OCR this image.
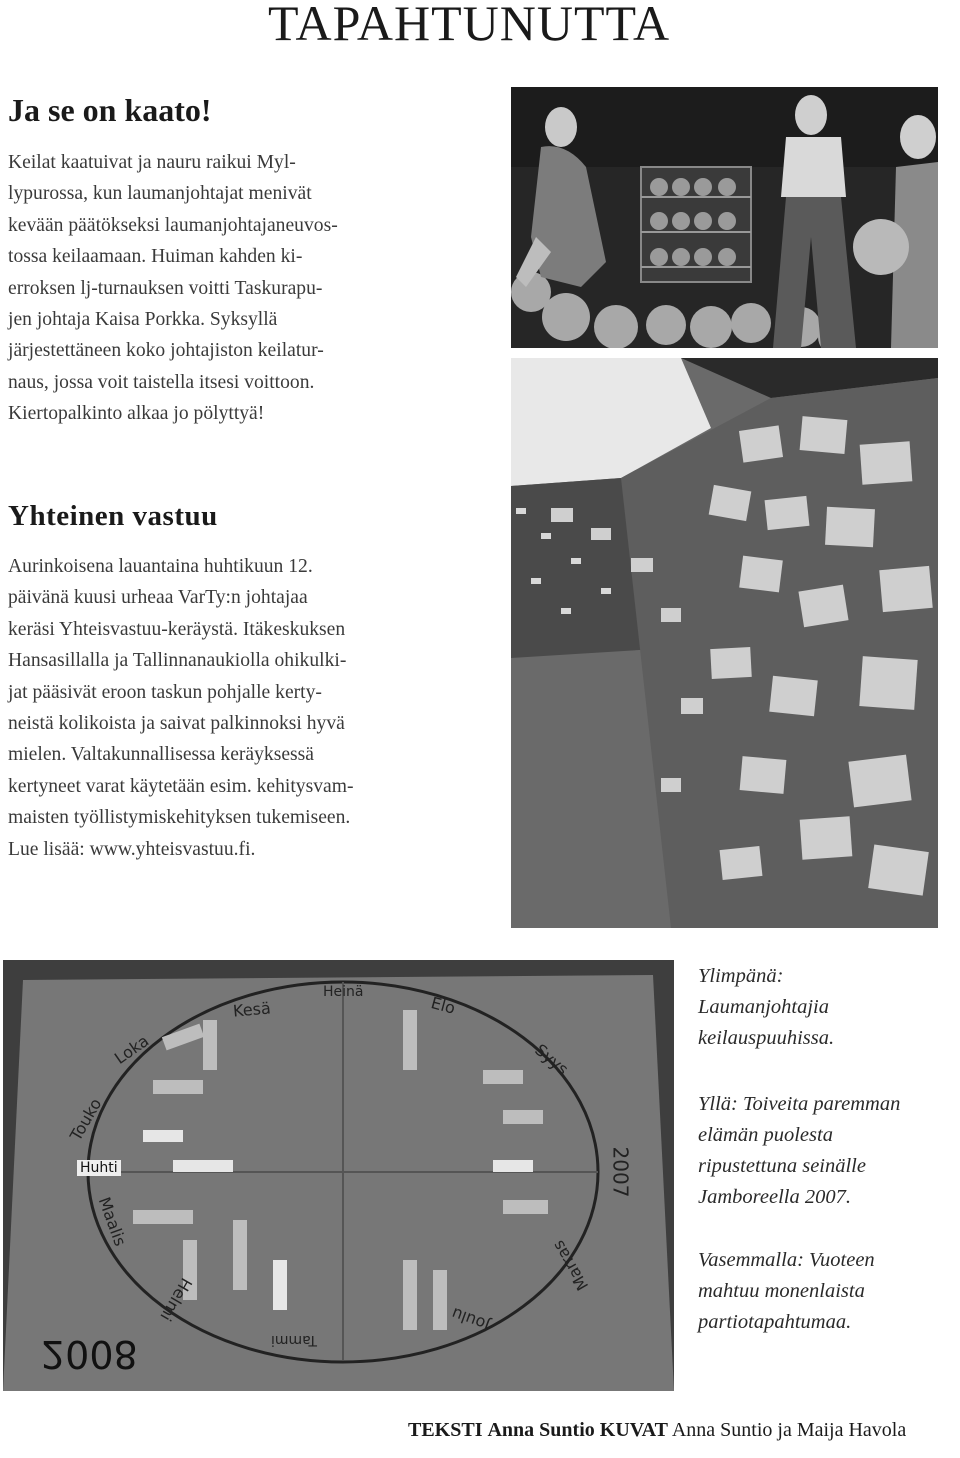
TAPAHTUNUTTA
Ja se on kaato!

Keilat kaatuivat ja nauru raikui Myl-
lypurossa, kun laumanjohtajat menivät
kevään päätökseksi laumanjohtajaneuvos-
tossa keilaamaan. Huiman kahden ki-
erroksen lj-turnauksen voitti Taskurapu-
jen johtaja Kaisa Porkka. Syksyllä
järjestettäneen koko johtajiston keilatur-
naus, jossa voit taistella itsesi voittoon.
Kiertopalkinto alkaa jo pölyttyä!

Yhteinen vastuu

Aurinkoisena lauantaina huhtikuun 12.
päivänä kuusi urheaa VarTy:n johtajaa
keräsi Yhteisvastuu-keräystä. Itäkeskuksen
Hansasillalla ja Tallinnanaukiolla ohikulki-
jat pääsivät eroon taskun pohjalle kerty-
neistä kolikoista ja saivat palkinnoksi hyvä
mielen. Valtakunnallisessa keräyksessä
kertyneet varat käytetään esim. kehitysvam-
maisten työllistymiskehityksen tukemiseen.
Lue lisää: www.yhteisvastuu.fi.

2008
2007
Kesä
Heinä
Elo
Syys
Loka
Touko
Huhti
Maalis
Helmi
Tammi
Joulu
Marras

Ylimpänä:
Laumanjohtajia
keilauspuuhissa.

Yllä: Toiveita paremman
elämän puolesta
ripustettuna seinälle
Jamboreella 2007.

Vasemmalla: Vuoteen
mahtuu monenlaista
partiotapahtumaa.

TEKSTI Anna Suntio KUVAT Anna Suntio ja Maija Havola
